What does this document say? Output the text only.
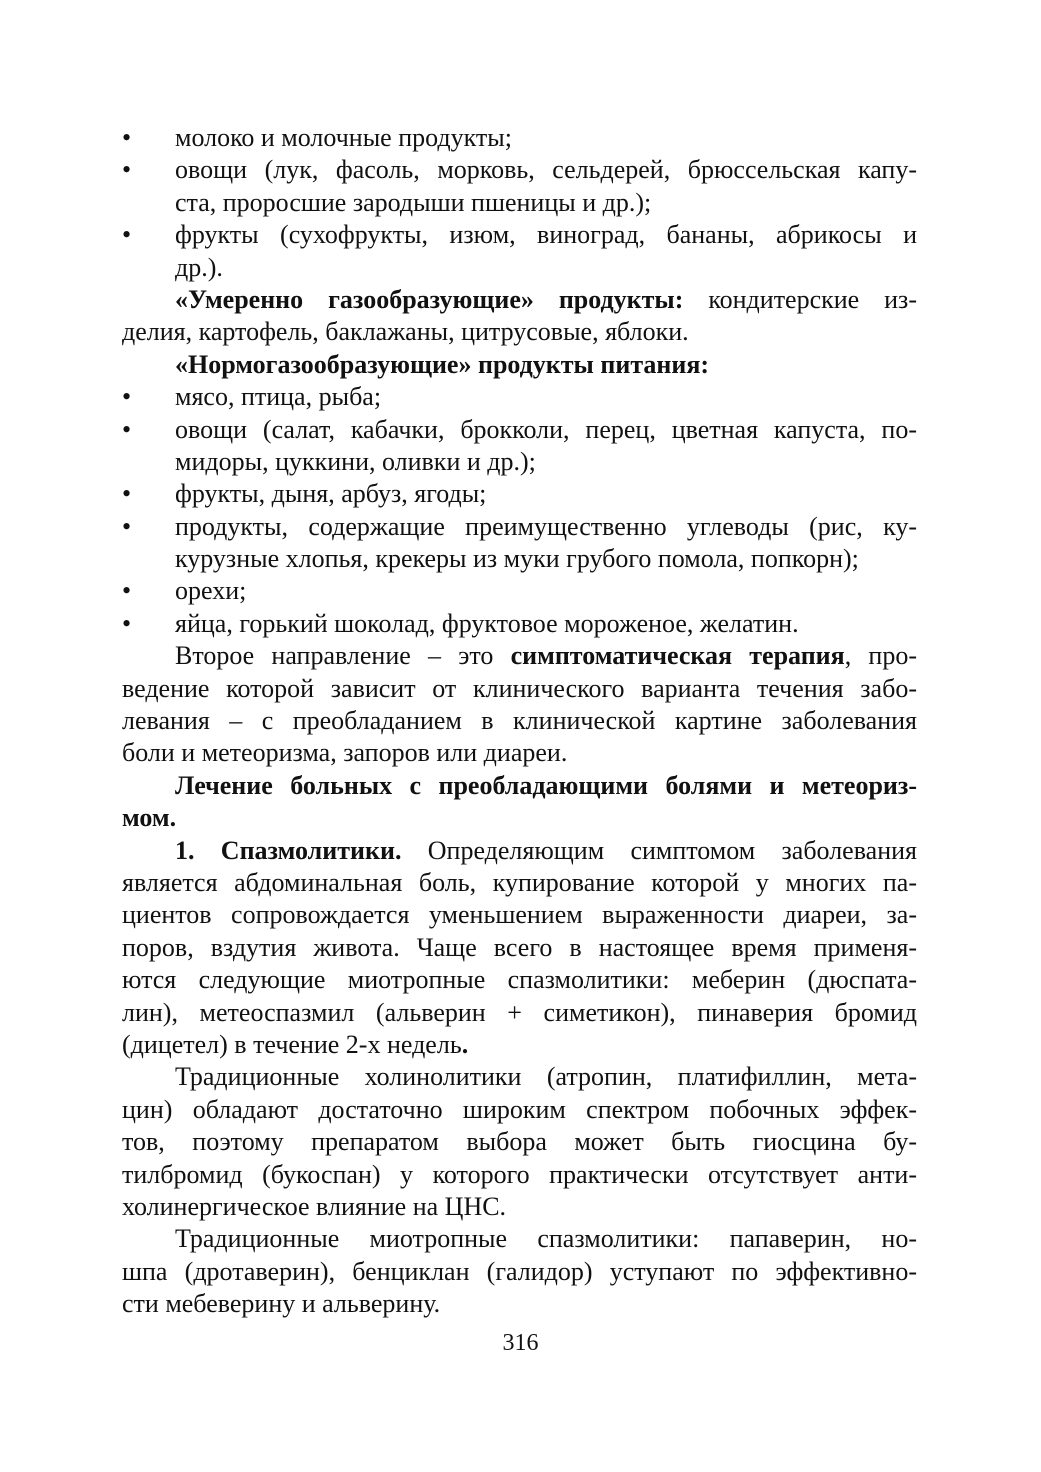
• молоко и молочные продукты;
• овощи (лук, фасоль, морковь, сельдерей, брюссельская капу-
ста, проросшие зародыши пшеницы и др.);
• фрукты (сухофрукты, изюм, виноград, бананы, абрикосы и
др.).
«Умеренно газообразующие» продукты: кондитерские из-
делия, картофель, баклажаны, цитрусовые, яблоки.
«Нормогазообразующие» продукты питания:
• мясо, птица, рыба;
• овощи (салат, кабачки, брокколи, перец, цветная капуста, по-
мидоры, цуккини, оливки и др.);
• фрукты, дыня, арбуз, ягоды;
• продукты, содержащие преимущественно углеводы (рис, ку-
курузные хлопья, крекеры из муки грубого помола, попкорн);
• орехи;
• яйца, горький шоколад, фруктовое мороженое, желатин.
Второе направление – это симптоматическая терапия, про-
ведение которой зависит от клинического варианта течения забо-
левания – с преобладанием в клинической картине заболевания
боли и метеоризма, запоров или диареи.
Лечение больных с преобладающими болями и метеориз-
мом.
1. Спазмолитики. Определяющим симптомом заболевания
является абдоминальная боль, купирование которой у многих па-
циентов сопровождается уменьшением выраженности диареи, за-
поров, вздутия живота. Чаще всего в настоящее время применя-
ются следующие миотропные спазмолитики: меберин (дюспата-
лин), метеоспазмил (альверин + симетикон), пинаверия бромид
(дицетел) в течение 2-х недель.
Традиционные холинолитики (атропин, платифиллин, мета-
цин) обладают достаточно широким спектром побочных эффек-
тов, поэтому препаратом выбора может быть гиосцина бу-
тилбромид (букоспан) у которого практически отсутствует анти-
холинергическое влияние на ЦНС.
Традиционные миотропные спазмолитики: папаверин, но-
шпа (дротаверин), бенциклан (галидор) уступают по эффективно-
сти мебеверину и альверину.
316
